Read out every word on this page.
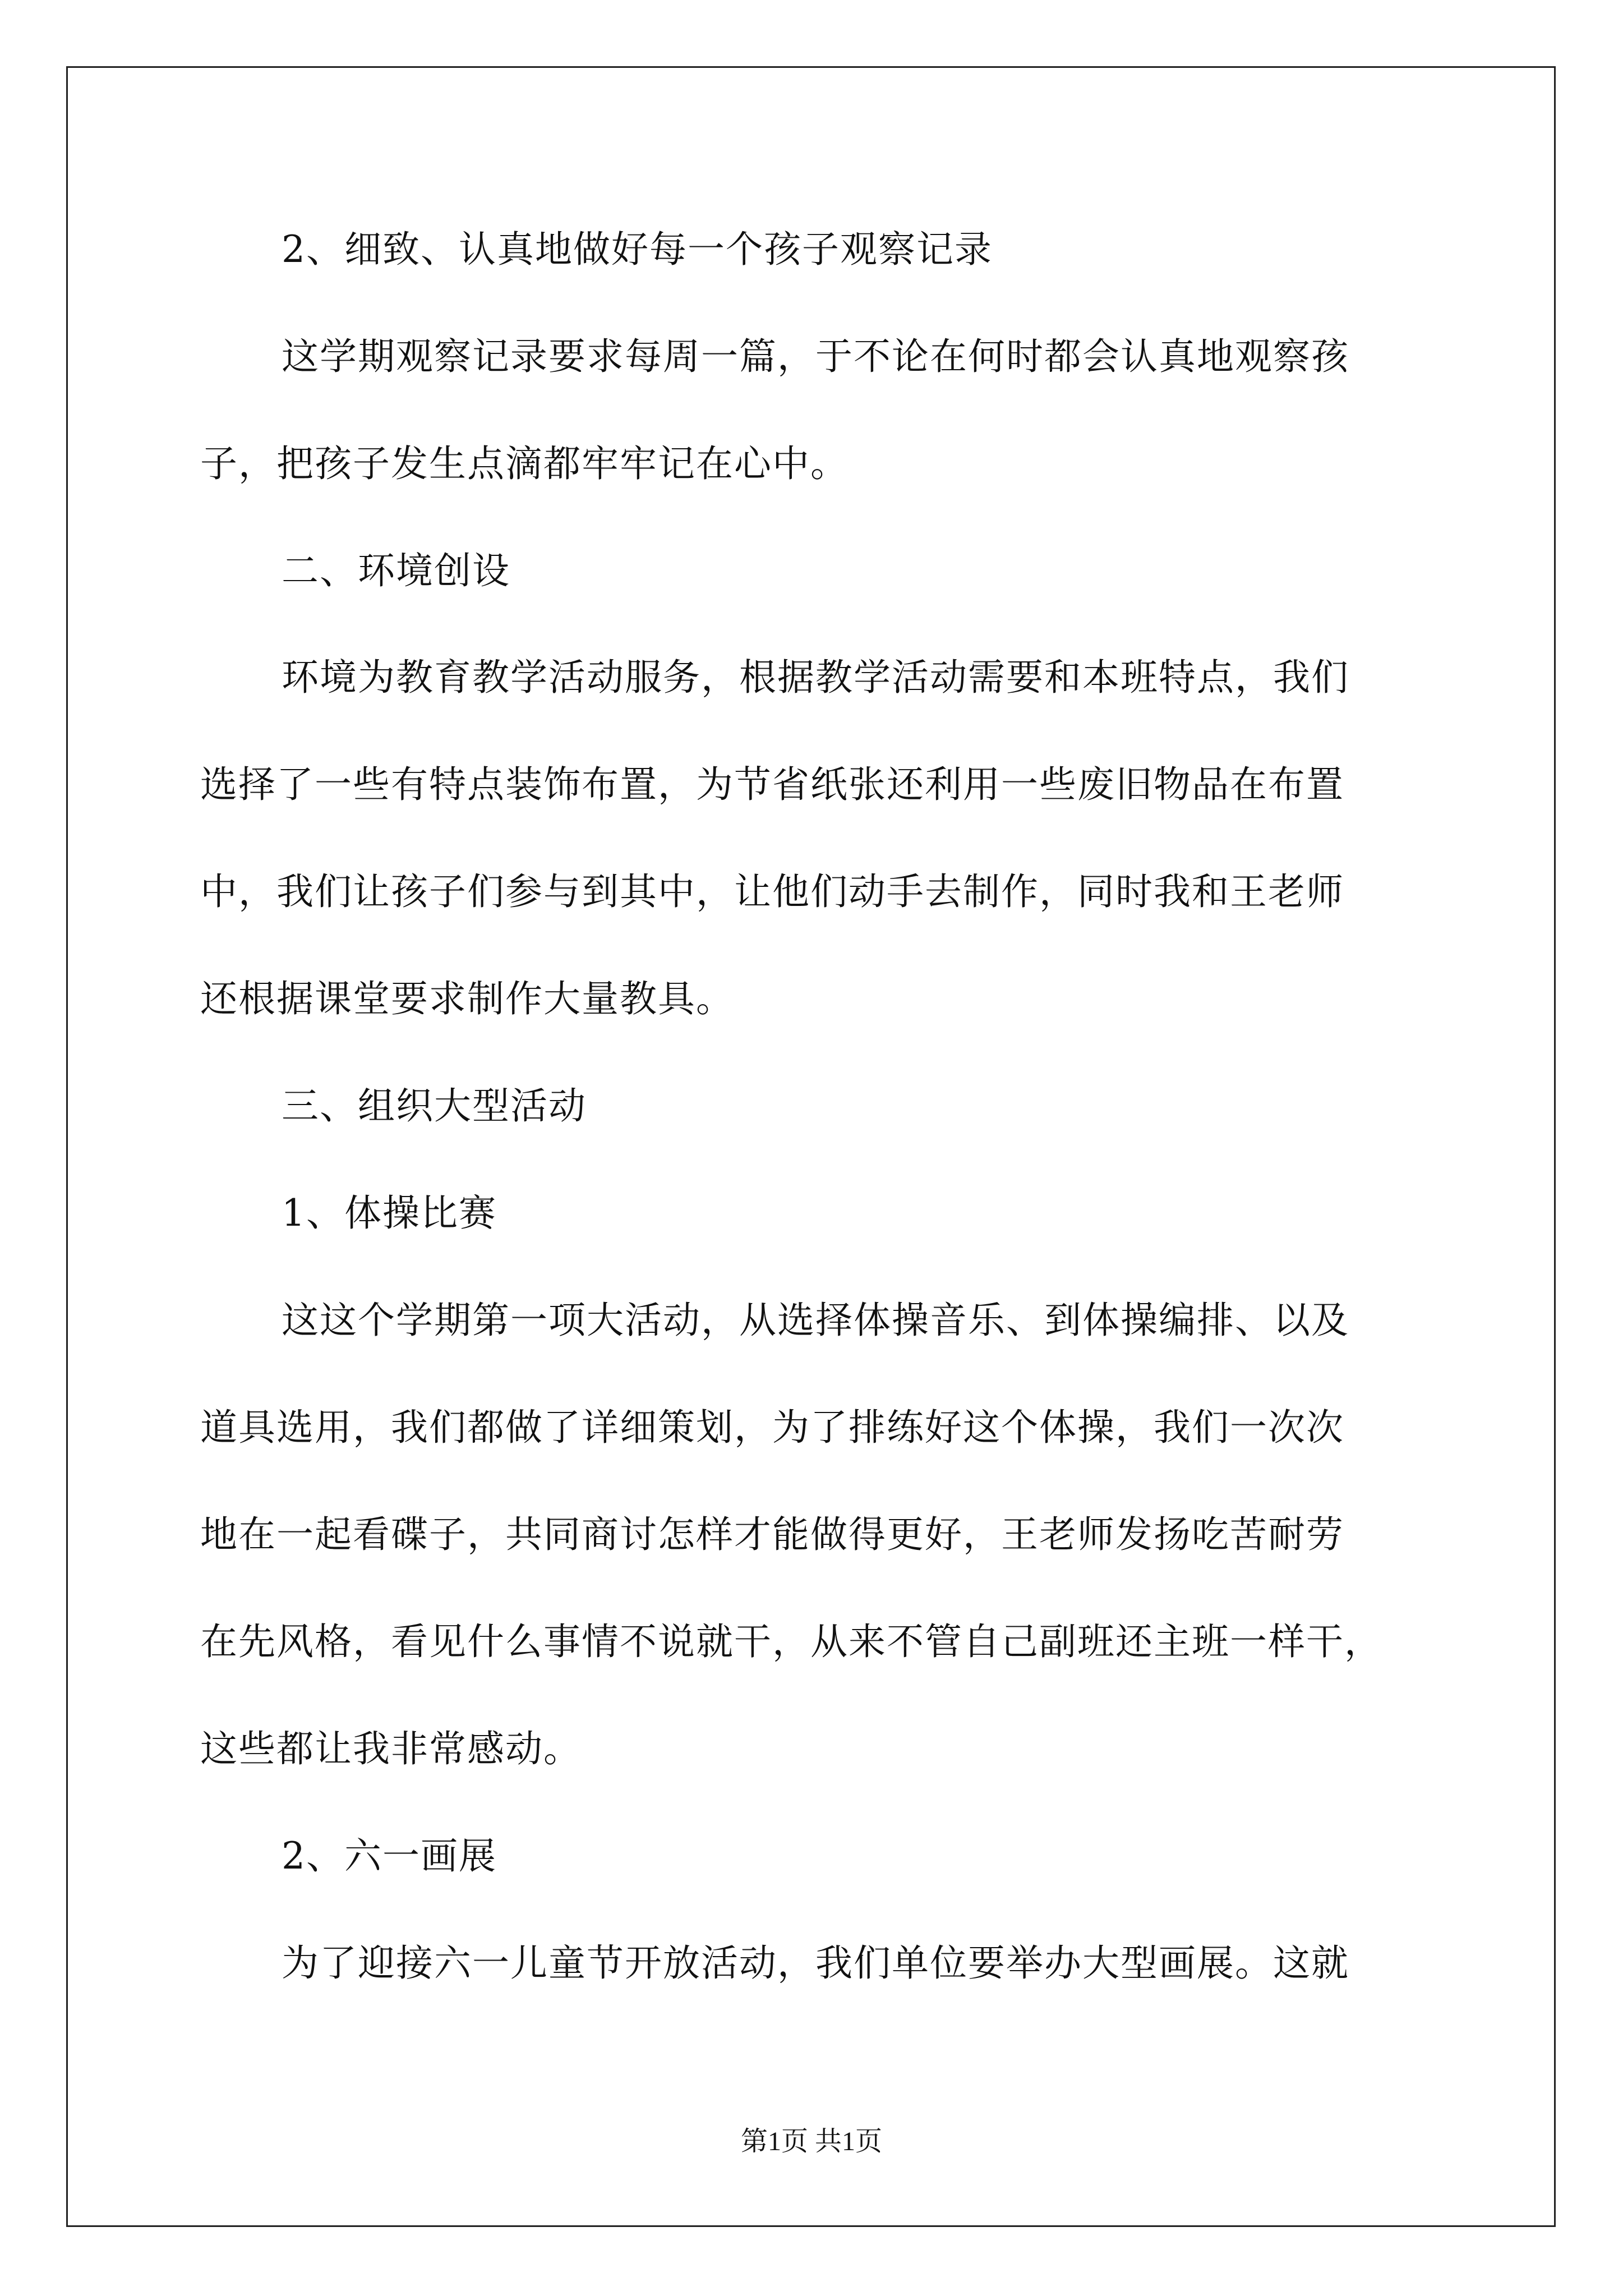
2、细致、认真地做好每一个孩子观察记录
这学期观察记录要求每周一篇，于不论在何时都会认真地观察孩
子，把孩子发生点滴都牢牢记在心中。
二、环境创设
环境为教育教学活动服务，根据教学活动需要和本班特点，我们
选择了一些有特点装饰布置，为节省纸张还利用一些废旧物品在布置
中，我们让孩子们参与到其中，让他们动手去制作，同时我和王老师
还根据课堂要求制作大量教具。
三、组织大型活动
1、体操比赛
这这个学期第一项大活动，从选择体操音乐、到体操编排、以及
道具选用，我们都做了详细策划，为了排练好这个体操，我们一次次
地在一起看碟子，共同商讨怎样才能做得更好，王老师发扬吃苦耐劳
在先风格，看见什么事情不说就干，从来不管自己副班还主班一样干，
这些都让我非常感动。
2、六一画展
为了迎接六一儿童节开放活动，我们单位要举办大型画展。这就
第1页 共1页
